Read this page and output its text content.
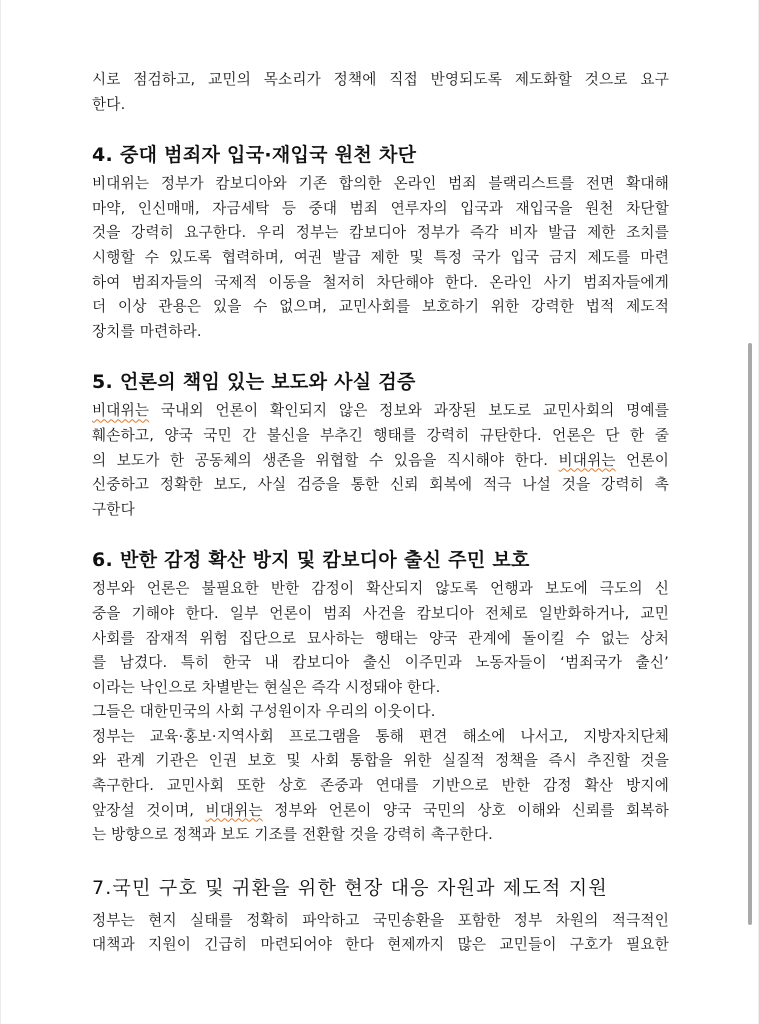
시로 점검하고, 교민의 목소리가 정책에 직접 반영되도록 제도화할 것으로 요구
한다.
4. 중대 범죄자 입국·재입국 원천 차단
비대위는 정부가 캄보디아와 기존 합의한 온라인 범죄 블랙리스트를 전면 확대해
마약, 인신매매, 자금세탁 등 중대 범죄 연루자의 입국과 재입국을 원천 차단할
것을 강력히 요구한다. 우리 정부는 캄보디아 정부가 즉각 비자 발급 제한 조치를
시행할 수 있도록 협력하며, 여권 발급 제한 및 특정 국가 입국 금지 제도를 마련
하여 범죄자들의 국제적 이동을 철저히 차단해야 한다. 온라인 사기 범죄자들에게
더 이상 관용은 있을 수 없으며, 교민사회를 보호하기 위한 강력한 법적 제도적
장치를 마련하라.
5. 언론의 책임 있는 보도와 사실 검증
비대위는 국내외 언론이 확인되지 않은 정보와 과장된 보도로 교민사회의 명예를
훼손하고, 양국 국민 간 불신을 부추긴 행태를 강력히 규탄한다. 언론은 단 한 줄
의 보도가 한 공동체의 생존을 위협할 수 있음을 직시해야 한다. 비대위는 언론이
신중하고 정확한 보도, 사실 검증을 통한 신뢰 회복에 적극 나설 것을 강력히 촉
구한다
6. 반한 감정 확산 방지 및 캄보디아 출신 주민 보호
정부와 언론은 불필요한 반한 감정이 확산되지 않도록 언행과 보도에 극도의 신
중을 기해야 한다. 일부 언론이 범죄 사건을 캄보디아 전체로 일반화하거나, 교민
사회를 잠재적 위험 집단으로 묘사하는 행태는 양국 관계에 돌이킬 수 없는 상처
를 남겼다. 특히 한국 내 캄보디아 출신 이주민과 노동자들이 ‘범죄국가 출신’
이라는 낙인으로 차별받는 현실은 즉각 시정돼야 한다.
그들은 대한민국의 사회 구성원이자 우리의 이웃이다.
정부는 교육·홍보·지역사회 프로그램을 통해 편견 해소에 나서고, 지방자치단체
와 관계 기관은 인권 보호 및 사회 통합을 위한 실질적 정책을 즉시 추진할 것을
촉구한다. 교민사회 또한 상호 존중과 연대를 기반으로 반한 감정 확산 방지에
앞장설 것이며, 비대위는 정부와 언론이 양국 국민의 상호 이해와 신뢰를 회복하
는 방향으로 정책과 보도 기조를 전환할 것을 강력히 촉구한다.
7.국민 구호 및 귀환을 위한 현장 대응 자원과 제도적 지원
정부는 현지 실태를 정확히 파악하고 국민송환을 포함한 정부 차원의 적극적인
대책과 지원이 긴급히 마련되어야 한다 현제까지 많은 교민들이 구호가 필요한
